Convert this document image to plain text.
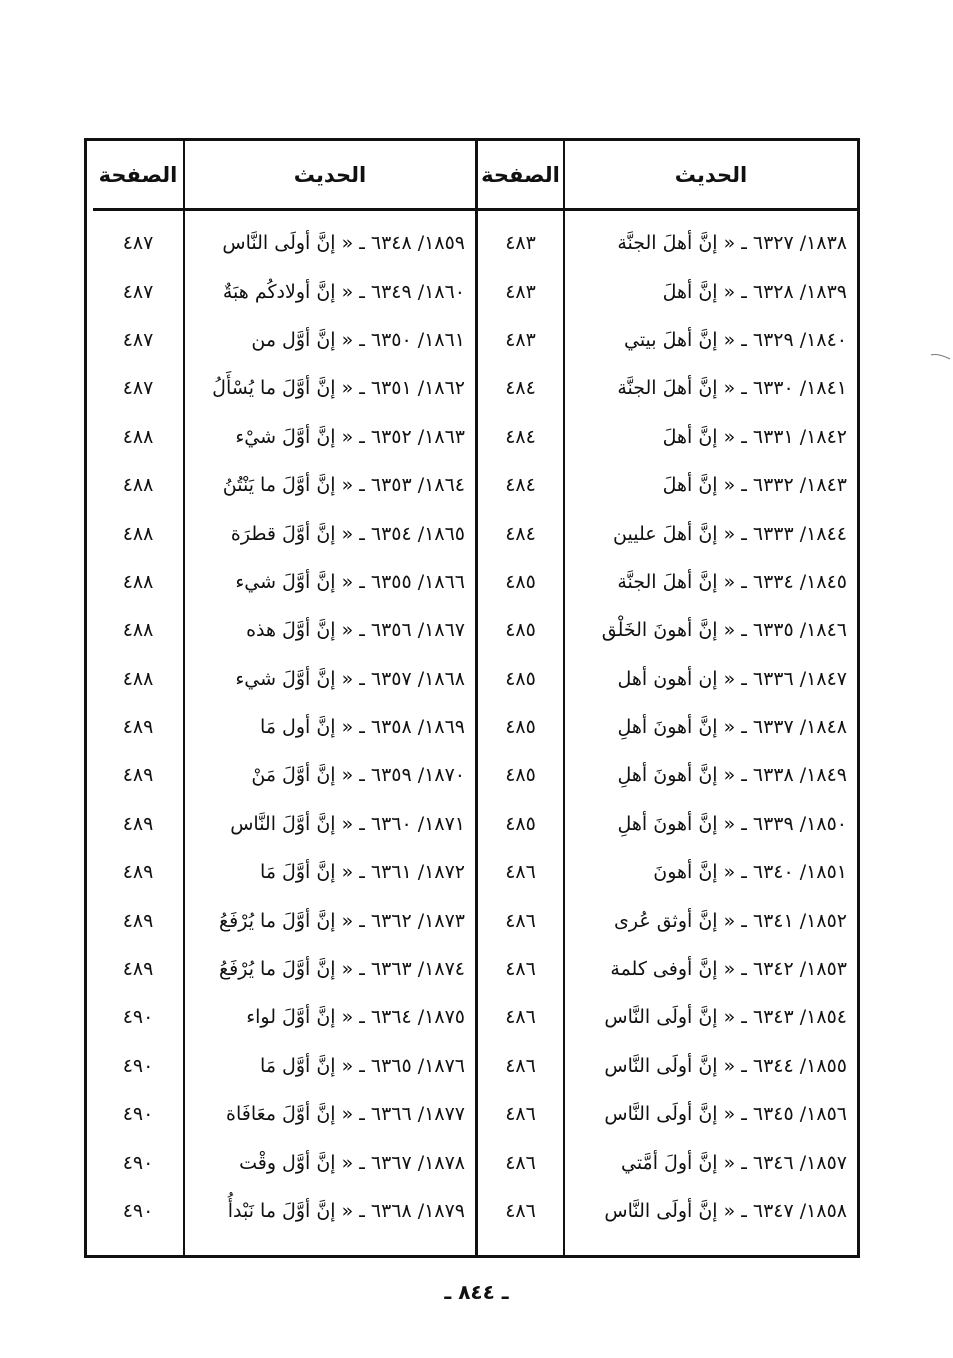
الحديث
١٨٣٨/ ٦٣٢٧ ـ « إنَّ أهلَ الجنَّة
١٨٣٩/ ٦٣٢٨ ـ « إنَّ أهلَ
١٨٤٠/ ٦٣٢٩ ـ « إنَّ أهلَ بيتي
١٨٤١/ ٦٣٣٠ ـ « إنَّ أهلَ الجنَّة
١٨٤٢/ ٦٣٣١ ـ « إنَّ أهلَ
١٨٤٣/ ٦٣٣٢ ـ « إنَّ أهلَ
١٨٤٤/ ٦٣٣٣ ـ « إنَّ أهلَ عليين
١٨٤٥/ ٦٣٣٤ ـ « إنَّ أهلَ الجنَّة
١٨٤٦/ ٦٣٣٥ ـ « إنَّ أهونَ الخَلْق
١٨٤٧/ ٦٣٣٦ ـ « إن أهون أهل
١٨٤٨/ ٦٣٣٧ ـ « إنَّ أهونَ أهلِ
١٨٤٩/ ٦٣٣٨ ـ « إنَّ أهونَ أهلِ
١٨٥٠/ ٦٣٣٩ ـ « إنَّ أهونَ أهلِ
١٨٥١/ ٦٣٤٠ ـ « إنَّ أهونَ
١٨٥٢/ ٦٣٤١ ـ « إنَّ أوثق عُرى
١٨٥٣/ ٦٣٤٢ ـ « إنَّ أوفى كلمة
١٨٥٤/ ٦٣٤٣ ـ « إنَّ أولَى النَّاس
١٨٥٥/ ٦٣٤٤ ـ « إنَّ أولَى النَّاس
١٨٥٦/ ٦٣٤٥ ـ « إنَّ أولَى النَّاس
١٨٥٧/ ٦٣٤٦ ـ « إنَّ أولَ أمَّتي
١٨٥٨/ ٦٣٤٧ ـ « إنَّ أولَى النَّاس
الصفحة
٤٨٣
٤٨٣
٤٨٣
٤٨٤
٤٨٤
٤٨٤
٤٨٤
٤٨٥
٤٨٥
٤٨٥
٤٨٥
٤٨٥
٤٨٥
٤٨٦
٤٨٦
٤٨٦
٤٨٦
٤٨٦
٤٨٦
٤٨٦
٤٨٦
الحديث
١٨٥٩/ ٦٣٤٨ ـ « إنَّ أولَى النَّاس
١٨٦٠/ ٦٣٤٩ ـ « إنَّ أولادكُم هبَةٌ
١٨٦١/ ٦٣٥٠ ـ « إنَّ أوَّل من
١٨٦٢/ ٦٣٥١ ـ « إنَّ أوَّلَ ما يُسْأَلُ
١٨٦٣/ ٦٣٥٢ ـ « إنَّ أوَّلَ شيْء
١٨٦٤/ ٦٣٥٣ ـ « إنَّ أوَّلَ ما يَنْتُنُ
١٨٦٥/ ٦٣٥٤ ـ « إنَّ أوَّلَ قطرَة
١٨٦٦/ ٦٣٥٥ ـ « إنَّ أوَّلَ شيء
١٨٦٧/ ٦٣٥٦ ـ « إنَّ أوَّلَ هذه
١٨٦٨/ ٦٣٥٧ ـ « إنَّ أوَّلَ شيء
١٨٦٩/ ٦٣٥٨ ـ « إنَّ أول مَا
١٨٧٠/ ٦٣٥٩ ـ « إنَّ أوَّلَ مَنْ
١٨٧١/ ٦٣٦٠ ـ « إنَّ أوَّلَ النَّاس
١٨٧٢/ ٦٣٦١ ـ « إنَّ أوَّلَ مَا
١٨٧٣/ ٦٣٦٢ ـ « إنَّ أوَّلَ ما يُرْفَعُ
١٨٧٤/ ٦٣٦٣ ـ « إنَّ أوَّلَ ما يُرْفَعُ
١٨٧٥/ ٦٣٦٤ ـ « إنَّ أوَّلَ لواء
١٨٧٦/ ٦٣٦٥ ـ « إنَّ أوَّل مَا
١٨٧٧/ ٦٣٦٦ ـ « إنَّ أوَّلَ معَافَاة
١٨٧٨/ ٦٣٦٧ ـ « إنَّ أوَّل وقْت
١٨٧٩/ ٦٣٦٨ ـ « إنَّ أوَّلَ ما نَبْدأُ
الصفحة
٤٨٧
٤٨٧
٤٨٧
٤٨٧
٤٨٨
٤٨٨
٤٨٨
٤٨٨
٤٨٨
٤٨٨
٤٨٩
٤٨٩
٤٨٩
٤٨٩
٤٨٩
٤٨٩
٤٩٠
٤٩٠
٤٩٠
٤٩٠
٤٩٠
ـ ٨٤٤ ـ
